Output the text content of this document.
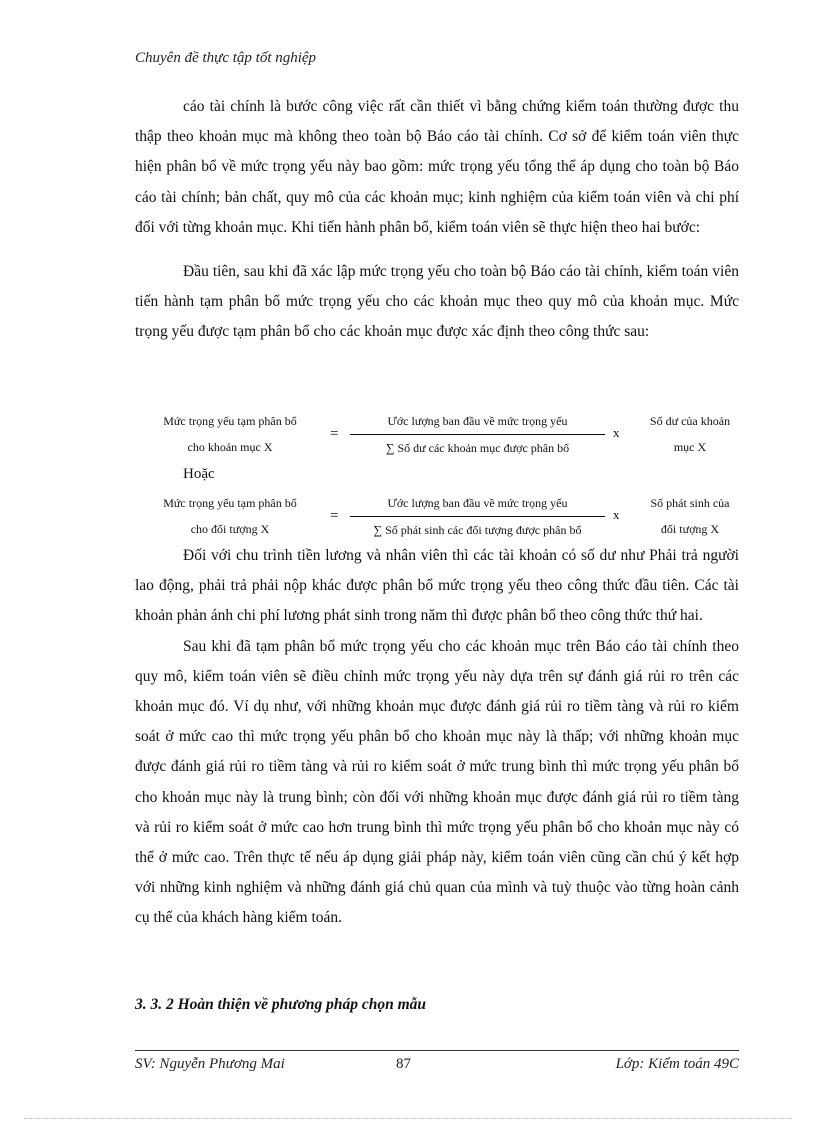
Chuyên đề thực tập tốt nghiệp

cáo tài chính là bước công việc rất cần thiết vì bằng chứng kiểm toán thường được thu thập theo khoản mục mà không theo toàn bộ Báo cáo tài chính. Cơ sở để kiểm toán viên thực hiện phân bổ về mức trọng yếu này bao gồm: mức trọng yếu tổng thể áp dụng cho toàn bộ Báo cáo tài chính; bản chất, quy mô của các khoản mục; kinh nghiệm của kiểm toán viên và chi phí đối với từng khoản mục. Khi tiến hành phân bổ, kiểm toán viên sẽ thực hiện theo hai bước:

Đầu tiên, sau khi đã xác lập mức trọng yếu cho toàn bộ Báo cáo tài chính, kiểm toán viên tiến hành tạm phân bổ mức trọng yếu cho các khoản mục theo quy mô của khoản mục. Mức trọng yếu được tạm phân bổ cho các khoản mục được xác định theo công thức sau:

Mức trọng yếu tạm phân bổ
cho khoản mục X
=
Ước lượng ban đầu về mức trọng yếu
∑ Số dư các khoản mục được phân bổ
x
Số dư của khoản
mục X
Hoặc
Mức trọng yếu tạm phân bổ
cho đối tượng X
=
Ước lượng ban đầu về mức trọng yếu
∑ Số phát sinh các đối tượng được phân bổ
x
Số phát sinh của
đối tượng X

Đối với chu trình tiền lương và nhân viên thì các tài khoản có số dư như Phải trả người lao động, phải trả phải nộp khác được phân bổ mức trọng yếu theo công thức đầu tiên. Các tài khoản phản ánh chi phí lương phát sinh trong năm thì được phân bổ theo công thức thứ hai.

Sau khi đã tạm phân bổ mức trọng yếu cho các khoản mục trên Báo cáo tài chính theo quy mô, kiểm toán viên sẽ điều chỉnh mức trọng yếu này dựa trên sự đánh giá rủi ro trên các khoản mục đó. Ví dụ như, với những khoản mục được đánh giá rủi ro tiềm tàng và rủi ro kiểm soát ở mức cao thì mức trọng yếu phân bổ cho khoản mục này là thấp; với những khoản mục được đánh giá rủi ro tiềm tàng và rủi ro kiểm soát ở mức trung bình thì mức trọng yếu phân bổ cho khoản mục này là trung bình; còn đối với những khoản mục được đánh giá rủi ro tiềm tàng và rủi ro kiểm soát ở mức cao hơn trung bình thì mức trọng yếu phân bổ cho khoản mục này có thể ở mức cao. Trên thực tế nếu áp dụng giải pháp này, kiểm toán viên cũng cần chú ý kết hợp với những kinh nghiệm và những đánh giá chủ quan của mình và tuỳ thuộc vào từng hoàn cảnh cụ thể của khách hàng kiểm toán.

3. 3. 2 Hoàn thiện về phương pháp chọn mẫu
SV: Nguyễn Phương Mai	87	Lớp: Kiểm toán 49C
